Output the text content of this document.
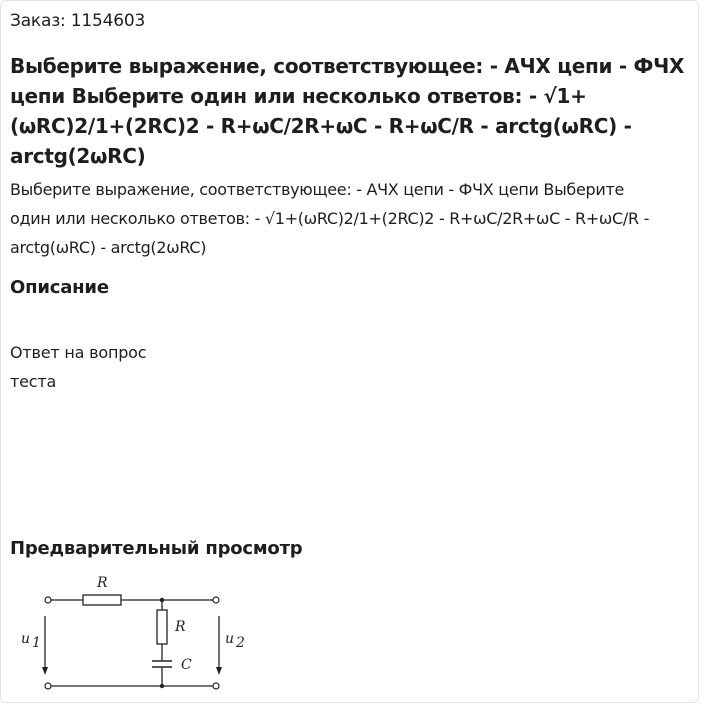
Заказ: 1154603
Выберите выражение, соответствующее: - АЧХ цепи - ФЧХ цепи Выберите один или несколько ответов: - √1+(ωRC)2/1+(2RC)2 - R+ωC/2R+ωC - R+ωC/R - arctg(ωRC) - arctg(2ωRC)

Выберите выражение, соответствующее: - АЧХ цепи - ФЧХ цепи Выберите один или несколько ответов: - √1+(ωRC)2/1+(2RC)2 - R+ωC/2R+ωC - R+ωC/R - arctg(ωRC) - arctg(2ωRC)

Описание

Ответ на вопрос теста

Предварительный просмотр
R
R
C
u 1	u 2
